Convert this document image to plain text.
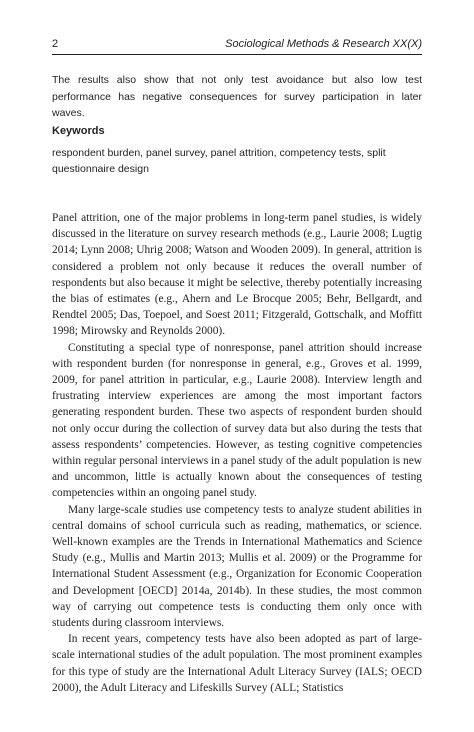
2	Sociological Methods & Research XX(X)

The results also show that not only test avoidance but also low test performance has negative consequences for survey participation in later waves.

Keywords

respondent burden, panel survey, panel attrition, competency tests, split questionnaire design

Panel attrition, one of the major problems in long-term panel studies, is widely discussed in the literature on survey research methods (e.g., Laurie 2008; Lugtig 2014; Lynn 2008; Uhrig 2008; Watson and Wooden 2009). In general, attrition is considered a problem not only because it reduces the overall number of respondents but also because it might be selective, thereby potentially increasing the bias of estimates (e.g., Ahern and Le Brocque 2005; Behr, Bellgardt, and Rendtel 2005; Das, Toepoel, and Soest 2011; Fitzgerald, Gottschalk, and Moffitt 1998; Mirowsky and Reynolds 2000).

Constituting a special type of nonresponse, panel attrition should increase with respondent burden (for nonresponse in general, e.g., Groves et al. 1999, 2009, for panel attrition in particular, e.g., Laurie 2008). Interview length and frustrating interview experiences are among the most important factors generating respondent burden. These two aspects of respondent burden should not only occur during the collection of survey data but also during the tests that assess respondents’ competencies. However, as testing cognitive competencies within regular personal interviews in a panel study of the adult population is new and uncommon, little is actually known about the consequences of testing competencies within an ongoing panel study.

Many large-scale studies use competency tests to analyze student abilities in central domains of school curricula such as reading, mathematics, or science. Well-known examples are the Trends in International Mathematics and Science Study (e.g., Mullis and Martin 2013; Mullis et al. 2009) or the Programme for International Student Assessment (e.g., Organization for Economic Cooperation and Development [OECD] 2014a, 2014b). In these studies, the most common way of carrying out competence tests is conducting them only once with students during classroom interviews.

In recent years, competency tests have also been adopted as part of large-scale international studies of the adult population. The most prominent examples for this type of study are the International Adult Literacy Survey (IALS; OECD 2000), the Adult Literacy and Lifeskills Survey (ALL; Statistics
